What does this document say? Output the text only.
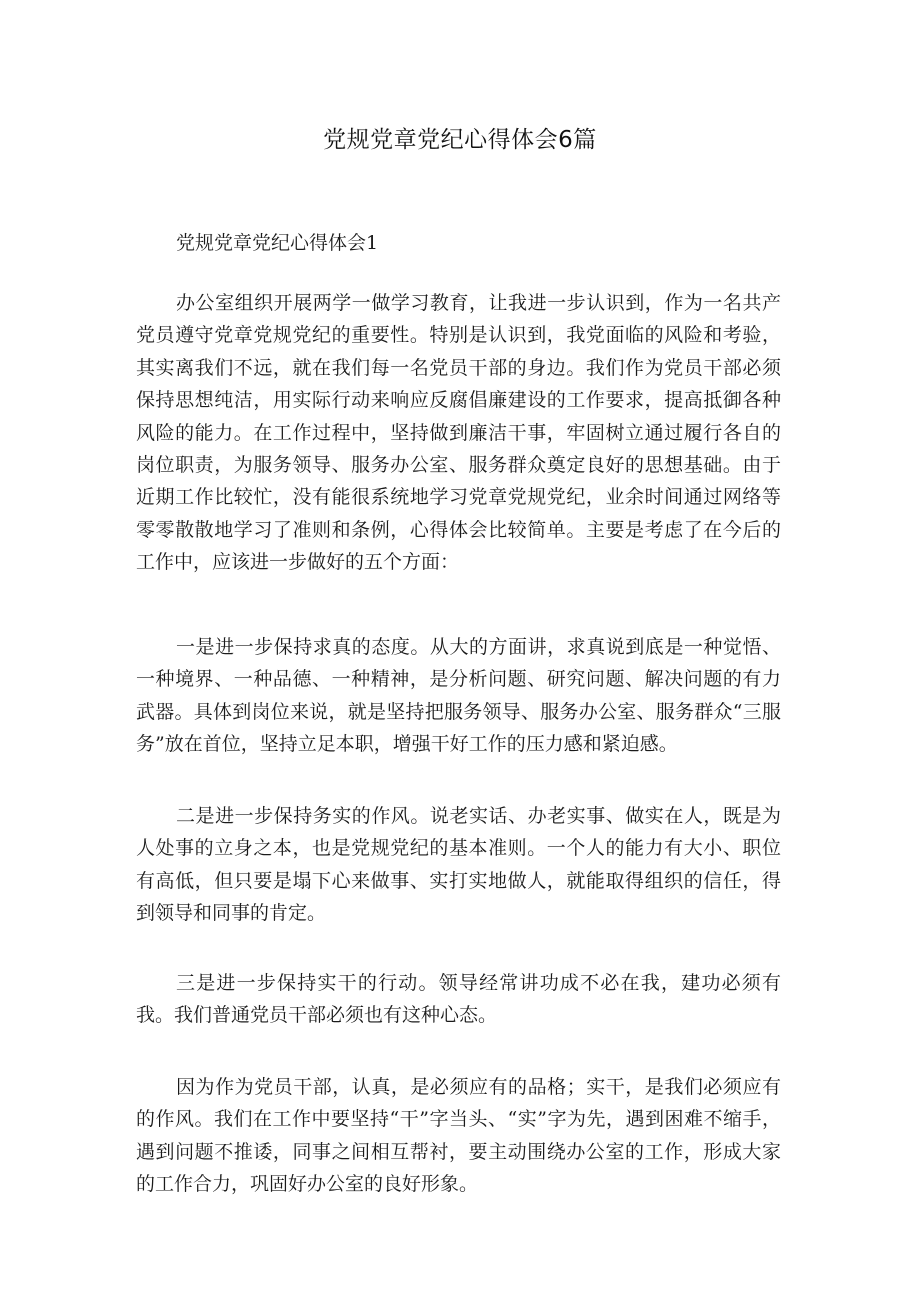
党规党章党纪心得体会6篇
党规党章党纪心得体会1

办公室组织开展两学一做学习教育，让我进一步认识到，作为一名共产党员遵守党章党规党纪的重要性。特别是认识到，我党面临的风险和考验，其实离我们不远，就在我们每一名党员干部的身边。我们作为党员干部必须保持思想纯洁，用实际行动来响应反腐倡廉建设的工作要求，提高抵御各种风险的能力。在工作过程中，坚持做到廉洁干事，牢固树立通过履行各自的岗位职责，为服务领导、服务办公室、服务群众奠定良好的思想基础。由于近期工作比较忙，没有能很系统地学习党章党规党纪，业余时间通过网络等零零散散地学习了准则和条例，心得体会比较简单。主要是考虑了在今后的工作中，应该进一步做好的五个方面：

一是进一步保持求真的态度。从大的方面讲，求真说到底是一种觉悟、一种境界、一种品德、一种精神，是分析问题、研究问题、解决问题的有力武器。具体到岗位来说，就是坚持把服务领导、服务办公室、服务群众“三服务”放在首位，坚持立足本职，增强干好工作的压力感和紧迫感。

二是进一步保持务实的作风。说老实话、办老实事、做实在人，既是为人处事的立身之本，也是党规党纪的基本准则。一个人的能力有大小、职位有高低，但只要是塌下心来做事、实打实地做人，就能取得组织的信任，得到领导和同事的肯定。

三是进一步保持实干的行动。领导经常讲功成不必在我，建功必须有我。我们普通党员干部必须也有这种心态。

因为作为党员干部，认真，是必须应有的品格；实干，是我们必须应有的作风。我们在工作中要坚持“干”字当头、“实”字为先，遇到困难不缩手，遇到问题不推诿，同事之间相互帮衬，要主动围绕办公室的工作，形成大家的工作合力，巩固好办公室的良好形象。
